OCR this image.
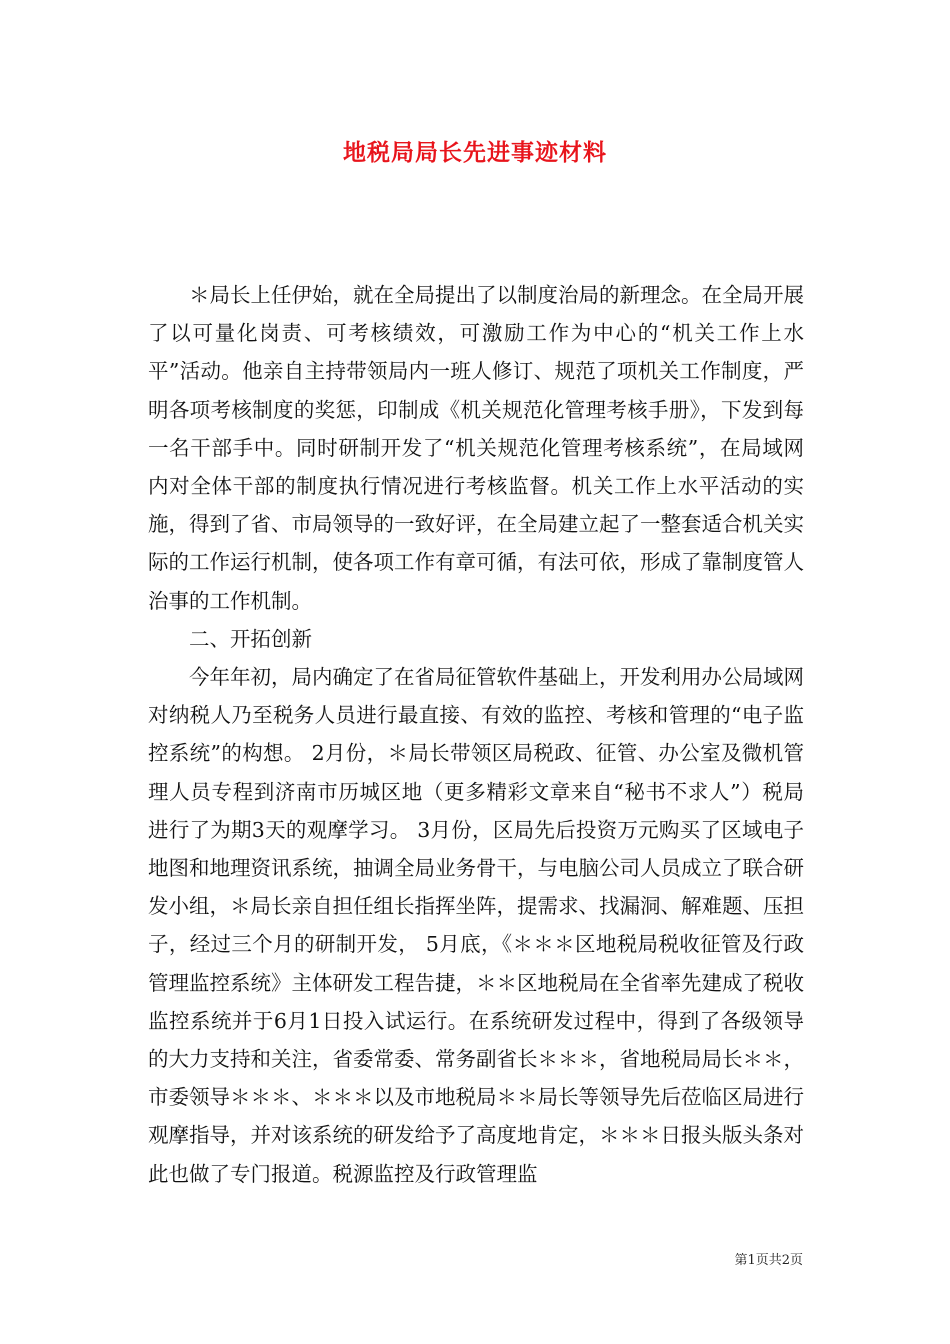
地税局局长先进事迹材料

＊局长上任伊始，就在全局提出了以制度治局的新理念。在全局开展了以可量化岗责、可考核绩效，可激励工作为中心的“机关工作上水平”活动。他亲自主持带领局内一班人修订、规范了项机关工作制度，严明各项考核制度的奖惩，印制成《机关规范化管理考核手册》，下发到每一名干部手中。同时研制开发了“机关规范化管理考核系统”，在局域网内对全体干部的制度执行情况进行考核监督。机关工作上水平活动的实施，得到了省、市局领导的一致好评，在全局建立起了一整套适合机关实际的工作运行机制，使各项工作有章可循，有法可依，形成了靠制度管人治事的工作机制。

二、开拓创新

今年年初，局内确定了在省局征管软件基础上，开发利用办公局域网对纳税人乃至税务人员进行最直接、有效的监控、考核和管理的“电子监控系统”的构想。 2月份，＊局长带领区局税政、征管、办公室及微机管理人员专程到济南市历城区地（更多精彩文章来自“秘书不求人”）税局进行了为期3天的观摩学习。 3月份，区局先后投资万元购买了区域电子地图和地理资讯系统，抽调全局业务骨干，与电脑公司人员成立了联合研发小组，＊局长亲自担任组长指挥坐阵，提需求、找漏洞、解难题、压担子，经过三个月的研制开发， 5月底，《＊＊＊区地税局税收征管及行政管理监控系统》主体研发工程告捷，＊＊区地税局在全省率先建成了税收监控系统并于6月1日投入试运行。在系统研发过程中，得到了各级领导的大力支持和关注，省委常委、常务副省长＊＊＊，省地税局局长＊＊，市委领导＊＊＊、＊＊＊以及市地税局＊＊局长等领导先后莅临区局进行观摩指导，并对该系统的研发给予了高度地肯定，＊＊＊日报头版头条对此也做了专门报道。税源监控及行政管理监

第1页共2页
